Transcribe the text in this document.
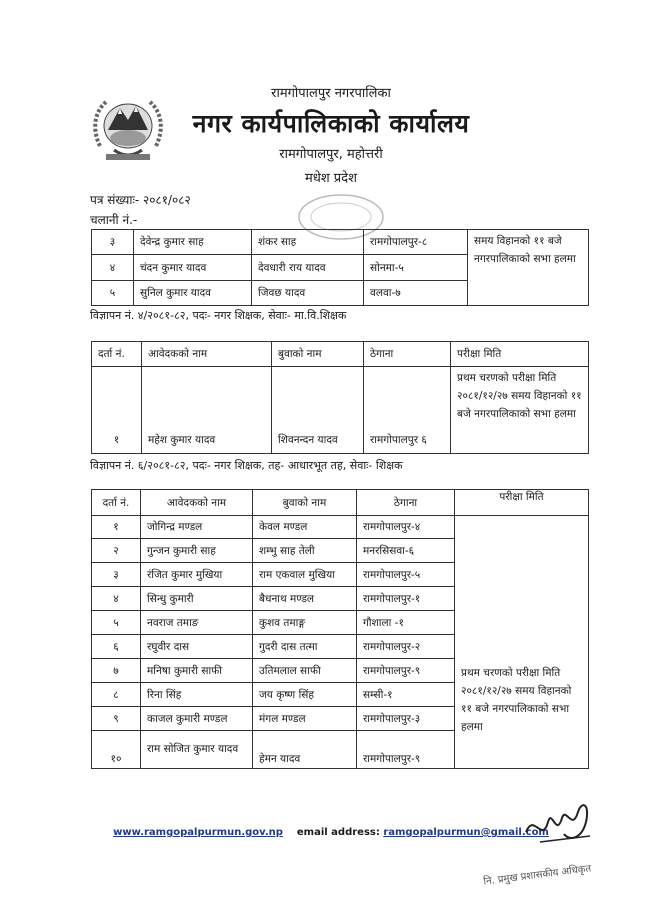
रामगोपालपुर नगरपालिका
नगर कार्यपालिकाको कार्यालय
रामगोपालपुर, महोत्तरी
मधेश प्रदेश
पत्र संख्याः- २०८१/०८२
चलानी नं.-
३	देवेन्द्र कुमार साह	शंकर साह	रामगोपालपुर-८	समय विहानको ११ बजे नगरपालिकाको सभा हलमा
४	चंदन कुमार यादव	देवधारी राय यादव	सोनमा-५	
५	सुनिल कुमार यादव	जिवछ यादव	वलवा-७	
विज्ञापन नं. ४/२०८१-८२, पदः- नगर शिक्षक, सेवाः- मा.वि.शिक्षक
दर्ता नं.	आवेदकको नाम	बुवाको नाम	ठेगाना	परीक्षा मिति
१	महेश कुमार यादव	शिवनन्दन यादव	रामगोपालपुर ६	प्रथम चरणको परीक्षा मिति २०८१/१२/२७ समय विहानको ११ बजे नगरपालिकाको सभा हलमा
विज्ञापन नं. ६/२०८१-८२, पदः- नगर शिक्षक, तह- आधारभूत तह, सेवाः- शिक्षक
दर्ता नं.	आवेदकको नाम	बुवाको नाम	ठेगाना	परीक्षा मिति
१	जोगिन्द्र मण्डल	केवल मण्डल	रामगोपालपुर-४	प्रथम चरणको परीक्षा मिति २०८१/१२/२७ समय विहानको ११ बजे नगरपालिकाको सभा हलमा
२	गुन्जन कुमारी साह	शम्भु साह तेली	मनरसिसवा-६	
३	रंजित कुमार मुखिया	राम एकवाल मुखिया	रामगोपालपुर-५	
४	सिन्धु कुमारी	बैधनाथ मण्डल	रामगोपालपुर-१	
५	नवराज तमाङ	कुशव तमाङ्ग	गौशाला -१	
६	रघुवीर दास	गुदरी दास तत्मा	रामगोपालपुर-२	
७	मनिषा कुमारी साफी	उतिमलाल साफी	रामगोपालपुर-९	
८	रिना सिंह	जय कृष्ण सिंह	सम्सी-१	
९	काजल कुमारी मण्डल	मंगल मण्डल	रामगोपालपुर-३	
१०	राम सोजित कुमार यादव	हेमन यादव	रामगोपालपुर-९	
www.ramgopalpurmun.gov.np email address: ramgopalpurmun@gmail.com
नि. प्रमुख प्रशासकीय अधिकृत
